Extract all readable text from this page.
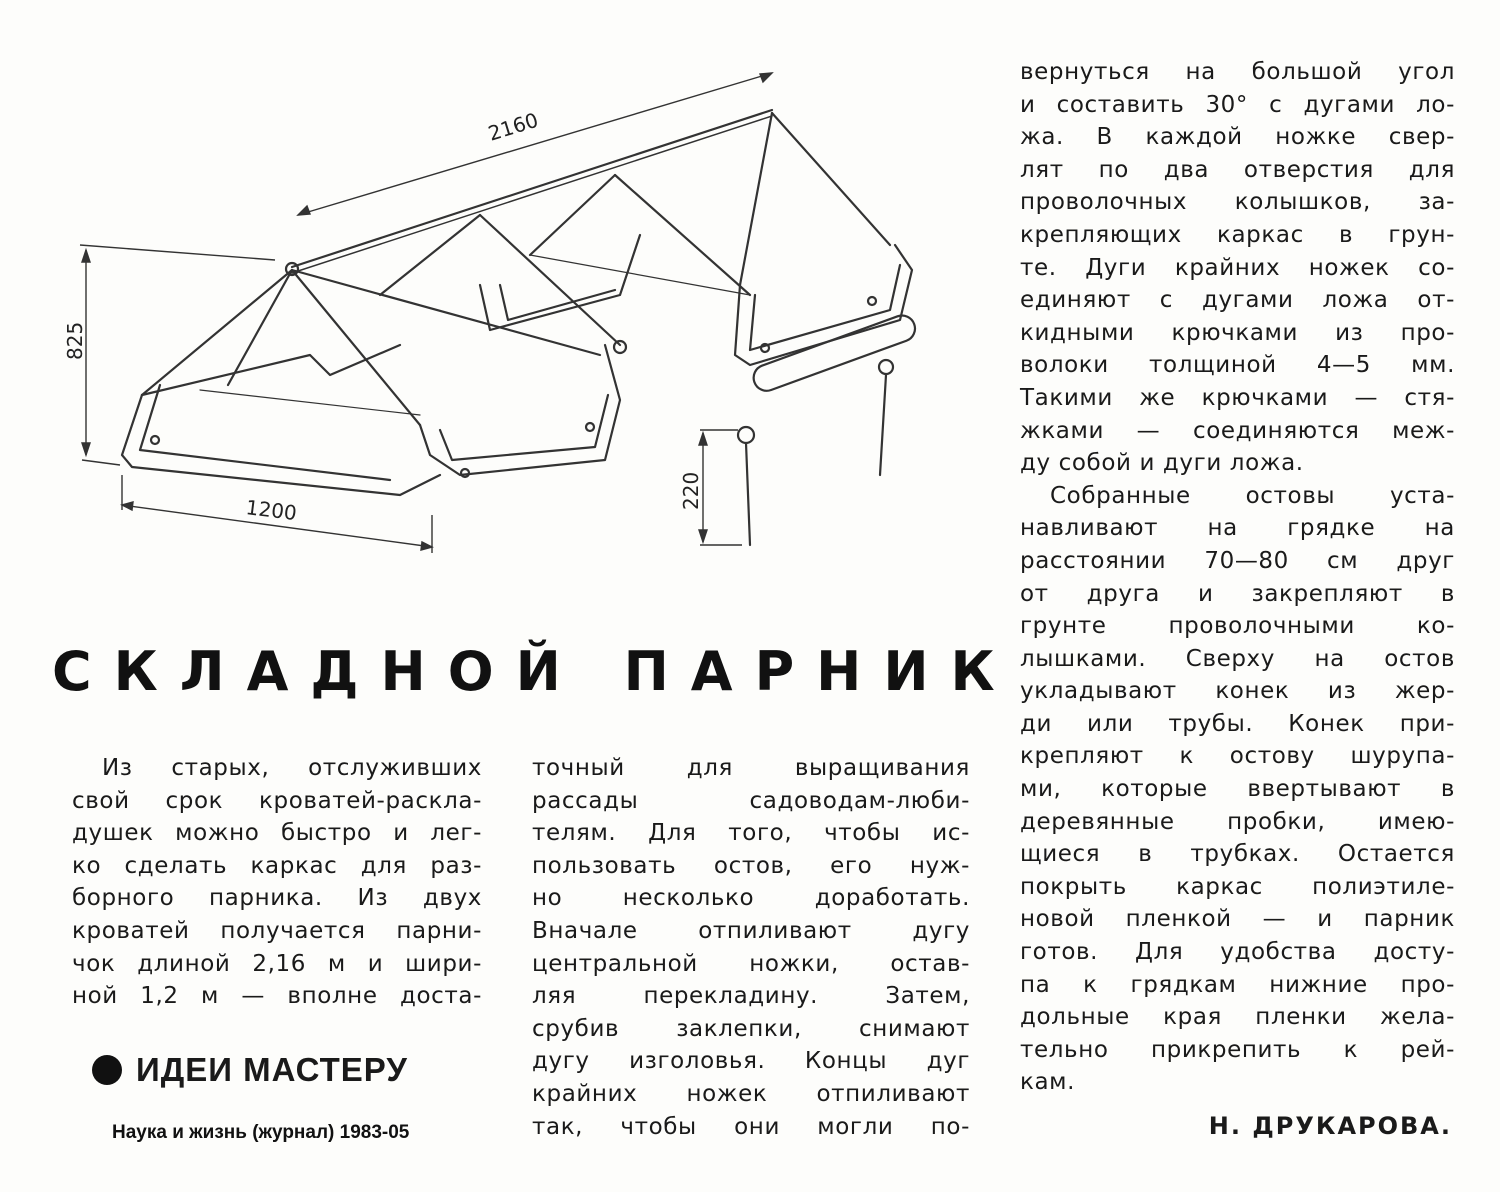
2160
825
1200
220
СКЛАДНОЙ ПАРНИК

Из старых, отслуживших

свой срок кроватей-раскла-

душек можно быстро и лег-

ко сделать каркас для раз-

борного парника. Из двух

кроватей получается парни-

чок длиной 2,16 м и шири-

ной 1,2 м — вполне доста-

точный для выращивания

рассады садоводам-люби-

телям. Для того, чтобы ис-

пользовать остов, его нуж-

но несколько доработать.

Вначале отпиливают дугу

центральной ножки, остав-

ляя перекладину. Затем,

срубив заклепки, снимают

дугу изголовья. Концы дуг

крайних ножек отпиливают

так, чтобы они могли по-

вернуться на большой угол

и составить 30° с дугами ло-

жа. В каждой ножке свер-

лят по два отверстия для

проволочных колышков, за-

крепляющих каркас в грун-

те. Дуги крайних ножек со-

единяют с дугами ложа от-

кидными крючками из про-

волоки толщиной 4—5 мм.

Такими же крючками — стя-

жками — соединяются меж-

ду собой и дуги ложа.

Собранные остовы уста-

навливают на грядке на

расстоянии 70—80 см друг

от друга и закрепляют в

грунте проволочными ко-

лышками. Сверху на остов

укладывают конек из жер-

ди или трубы. Конек при-

крепляют к остову шурупа-

ми, которые ввертывают в

деревянные пробки, имею-

щиеся в трубках. Остается

покрыть каркас полиэтиле-

новой пленкой — и парник

готов. Для удобства досту-

па к грядкам нижние про-

дольные края пленки жела-

тельно прикрепить к рей-

кам.

ИДЕИ МАСТЕРУ
Наука и жизнь (журнал) 1983-05	Н. ДРУКАРОВА.
